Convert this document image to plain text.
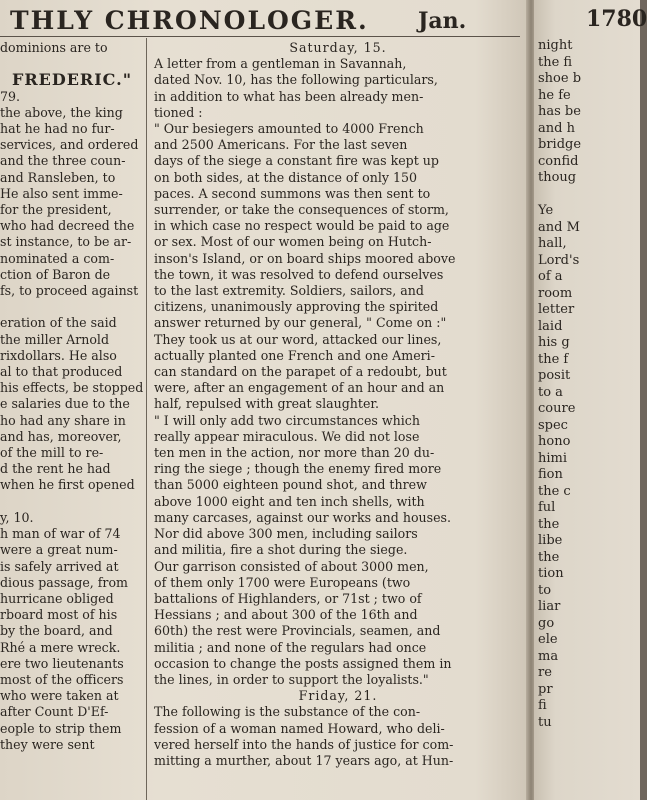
THLY CHRONOLOGER. Jan.
dominions are to

FREDERIC."
79.
the above, the king
hat he had no fur-
services, and ordered
and the three coun-
and Ransleben, to
He also sent imme-
for the president,
who had decreed the
st instance, to be ar-
nominated a com-
ction of Baron de
fs, to proceed against

eration of the said
the miller Arnold
rixdollars. He also
al to that produced
his effects, be stopped
e salaries due to the
ho had any share in
and has, moreover,
of the mill to re-
d the rent he had
when he first opened

y, 10.
h man of war of 74
were a great num-
is safely arrived at
dious passage, from
hurricane obliged
rboard most of his
by the board, and
Rhé a mere wreck.
ere two lieutenants
most of the officers
who were taken at
after Count D'Ef-
eople to strip them
they were sent
Saturday, 15.
A letter from a gentleman in Savannah,
dated Nov. 10, has the following particulars,
in addition to what has been already men-
tioned :
" Our besiegers amounted to 4000 French
and 2500 Americans. For the last seven
days of the siege a constant fire was kept up
on both sides, at the distance of only 150
paces. A second summons was then sent to
surrender, or take the consequences of storm,
in which case no respect would be paid to age
or sex. Most of our women being on Hutch-
inson's Island, or on board ships moored above
the town, it was resolved to defend ourselves
to the last extremity. Soldiers, sailors, and
citizens, unanimously approving the spirited
answer returned by our general, " Come on :"
They took us at our word, attacked our lines,
actually planted one French and one Ameri-
can standard on the parapet of a redoubt, but
were, after an engagement of an hour and an
half, repulsed with great slaughter.
" I will only add two circumstances which
really appear miraculous. We did not lose
ten men in the action, nor more than 20 du-
ring the siege ; though the enemy fired more
than 5000 eighteen pound shot, and threw
above 1000 eight and ten inch shells, with
many carcases, against our works and houses.
Nor did above 300 men, including sailors
and militia, fire a shot during the siege.
Our garrison consisted of about 3000 men,
of them only 1700 were Europeans (two
battalions of Highlanders, or 71st ; two of
Hessians ; and about 300 of the 16th and
60th) the rest were Provincials, seamen, and
militia ; and none of the regulars had once
occasion to change the posts assigned them in
the lines, in order to support the loyalists."
Friday, 21.
The following is the substance of the con-
fession of a woman named Howard, who deli-
vered herself into the hands of justice for com-
mitting a murther, about 17 years ago, at Hun-
1780
night
the fi
shoe b
he fe
has be
and h
bridge
confid
thoug

Ye
and M
hall,
Lord's
of a
room
letter
laid
his g
the f
posit
to a
coure
spec
hono
himi
fion
the c
ful
the
libe
the
tion
to
liar
go
ele
ma
re
pr
fi
tu
